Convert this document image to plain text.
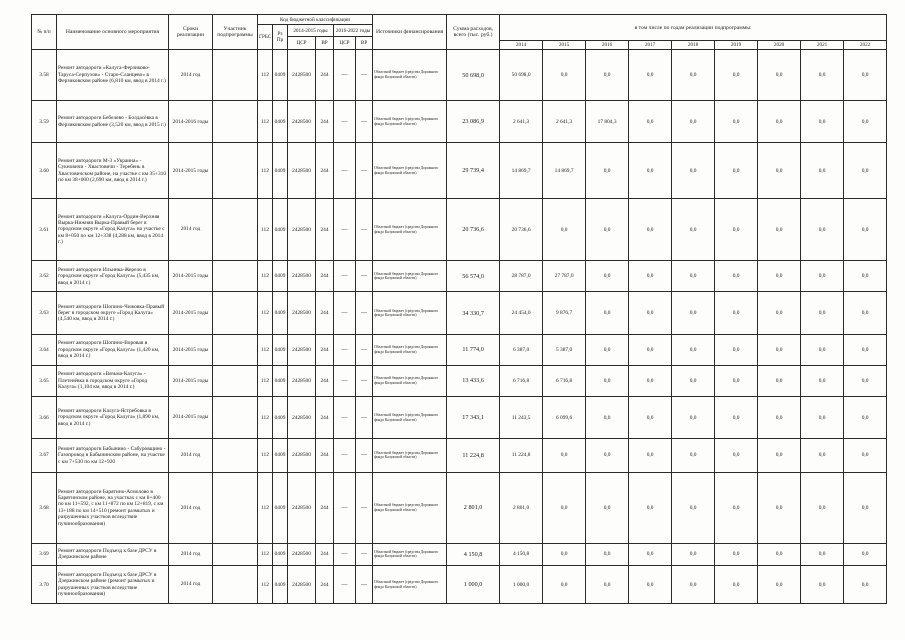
№ п/п	Наименование основного мероприятия	Сроки реализации	Участник подпрограммы	Код бюджетной классификации						Источники финансирования	Сумма расходов, всего (тыс. руб.)	в том числе по годам реализации подпрограммы:								
				ГРБС	Рз Пр	2014-2015 годы		2016-2022 годы												
						ЦСР	ВР	ЦСР	ВР											
												2014	2015	2016	2017	2018	2019	2020	2021	2022
3.58	Ремонт автодороги «Калуга-Ферзиково-Таруса-Серпухов» - Старо-Сланцево» в Ферзиковском районе (6,810 км, ввод в 2014 г.)	2014 год		112	0409	2428500	244	—	—	Областной бюджет (средства Дорожного фонда Калужской области)	50 698,0	50 698,0	0,0	0,0	0,0	0,0	0,0	0,0	0,0	0,0
3.59	Ремонт автодороги Бебелево - Болдасёвка в Ферзиковском районе (3,520 км, ввод в 2015 г.)	2014-2016 годы		112	0409	2428500	244	—	—	Областной бюджет (средства Дорожного фонда Калужской области)	23 086,9	2 641,3	2 641,3	17 804,3	0,0	0,0	0,0	0,0	0,0	0,0
3.60	Ремонт автодороги М-3 «Украина» - Сукновичи - Хвастовичи - Теребень в Хвастовичском районе, на участке с км 35+310 по км 38+000 (2,690 км, ввод в 2014 г.)	2014-2015 годы		112	0409	2428500	244	—	—	Областной бюджет (средства Дорожного фонда Калужской области)	29 739,4	14 869,7	14 869,7	0,0	0,0	0,0	0,0	0,0	0,0	0,0
3.61	Ремонт автодороги «Калуга-Ордин-Верхняя Вырка-Нижняя Вырка-Правый берег в городском округе «Город Калуга» на участке с км 8+050 по км 12+338 (4,288 км, ввод в 2014 г.)	2014 год		112	0409	2428500	244	—	—	Областной бюджет (средства Дорожного фонда Калужской области)	20 736,6	20 736,6	0,0	0,0	0,0	0,0	0,0	0,0	0,0	0,0
3.62	Ремонт автодороги Ильинка-Жерело в городском округе «Город Калуга» (5,435 км, ввод в 2014 г.)	2014-2015 годы		112	0409	2428500	244	—	—	Областной бюджет (средства Дорожного фонда Калужской области)	56 574,0	28 787,0	27 787,0	0,0	0,0	0,0	0,0	0,0	0,0	0,0
3.63	Ремонт автодороги Шопино-Чижовка-Правый берег в городском округе «Город Калуга» (4,540 км, ввод в 2014 г.)	2014-2015 годы		112	0409	2428500	244	—	—	Областной бюджет (средства Дорожного фонда Калужской области)	34 330,7	24 454,0	9 876,7	0,0	0,0	0,0	0,0	0,0	0,0	0,0
3.64	Ремонт автодороги Шопино-Воровая в городском округе «Город Калуга» (1,420 км, ввод в 2014 г.)	2014-2015 годы		112	0409	2428500	244	—	—	Областной бюджет (средства Дорожного фонда Калужской области)	11 774,0	6 387,0	5 387,0	0,0	0,0	0,0	0,0	0,0	0,0	0,0
3.65	Ремонт автодороги «Вязьма-Калуга» - Плетенёвка в городском округе «Город Калуга» (1,104 км, ввод в 2014 г.)	2014-2015 годы		112	0409	2428500	244	—	—	Областной бюджет (средства Дорожного фонда Калужской области)	13 433,6	6 716,8	6 716,8	0,0	0,0	0,0	0,0	0,0	0,0	0,0
3.66	Ремонт автодороги Калуга-Ястребовка в городском округе «Город Калуга» (1,890 км, ввод в 2014 г.)	2014-2015 годы		112	0409	2428500	244	—	—	Областной бюджет (средства Дорожного фонда Калужской области)	17 343,1	11 243,5	6 099,6	0,0	0,0	0,0	0,0	0,0	0,0	0,0
3.67	Ремонт автодороги Бабынино - Сабуровщино - Газопровод в Бабынинском районе, на участке с км 7+530 по км 12+920	2014 год		112	0409	2428500	244	—	—	Областной бюджет (средства Дорожного фонда Калужской области)	11 224,8	11 224,8	0,0	0,0	0,0	0,0	0,0	0,0	0,0	0,0
3.68	Ремонт автодороги Барятино-Асмолово в Барятинском районе, на участках с км 8+400 по км 11+592, с км 11+872 по км 12+819, с км 13+188 по км 14+510 (ремонт размытых и разрушенных участков вследствие пучинообразования)	2014 год		112	0409	2428500	244	—	—	Областной бюджет (средства Дорожного фонда Калужской области)	2 801,0	2 801,0	0,0	0,0	0,0	0,0	0,0	0,0	0,0	0,0
3.69	Ремонт автодороги Подъезд к базе ДРСУ в Дзержинском районе	2014 год		112	0409	2428500	244	—	—	Областной бюджет (средства Дорожного фонда Калужской области)	4 150,8	4 150,8	0,0	0,0	0,0	0,0	0,0	0,0	0,0	0,0
3.70	Ремонт автодороги Подъезд к базе ДРСУ в Дзержинском районе (ремонт размытых и разрушенных участков вследствие пучинообразования)	2014 год		112	0409	2428500	244	—	—	Областной бюджет (средства Дорожного фонда Калужской области)	1 000,0	1 000,0	0,0	0,0	0,0	0,0	0,0	0,0	0,0	0,0
